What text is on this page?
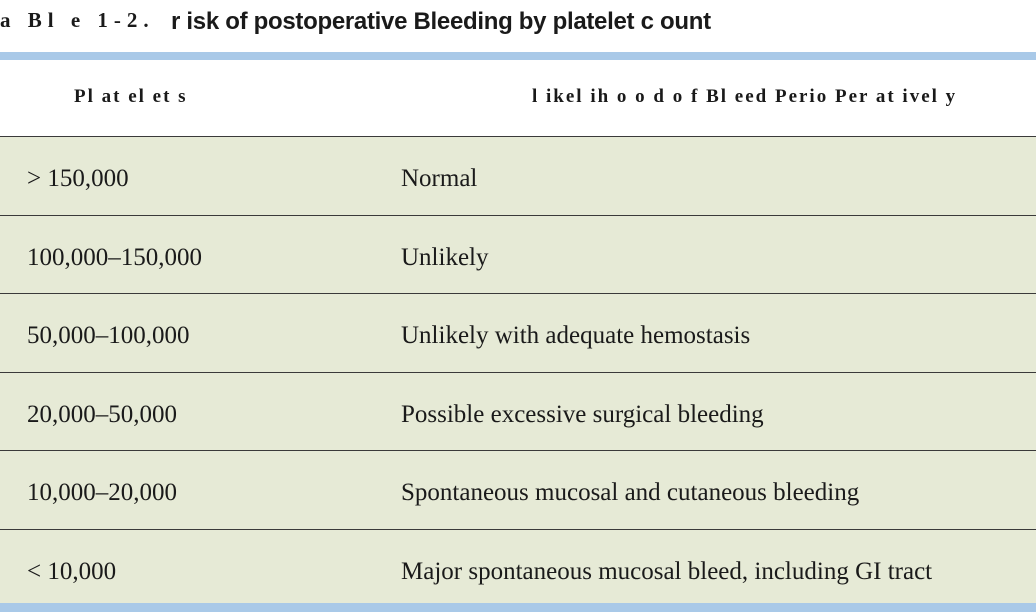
a Bl e 1-2. r isk of postoperative Bleeding by platelet c ount
Pl at el et s	l ikel ih o o d o f Bl eed Perio Per at ivel y
> 150,000	Normal
100,000–150,000	Unlikely
50,000–100,000	Unlikely with adequate hemostasis
20,000–50,000	Possible excessive surgical bleeding
10,000–20,000	Spontaneous mucosal and cutaneous bleeding
< 10,000	Major spontaneous mucosal bleed, including GI tract
